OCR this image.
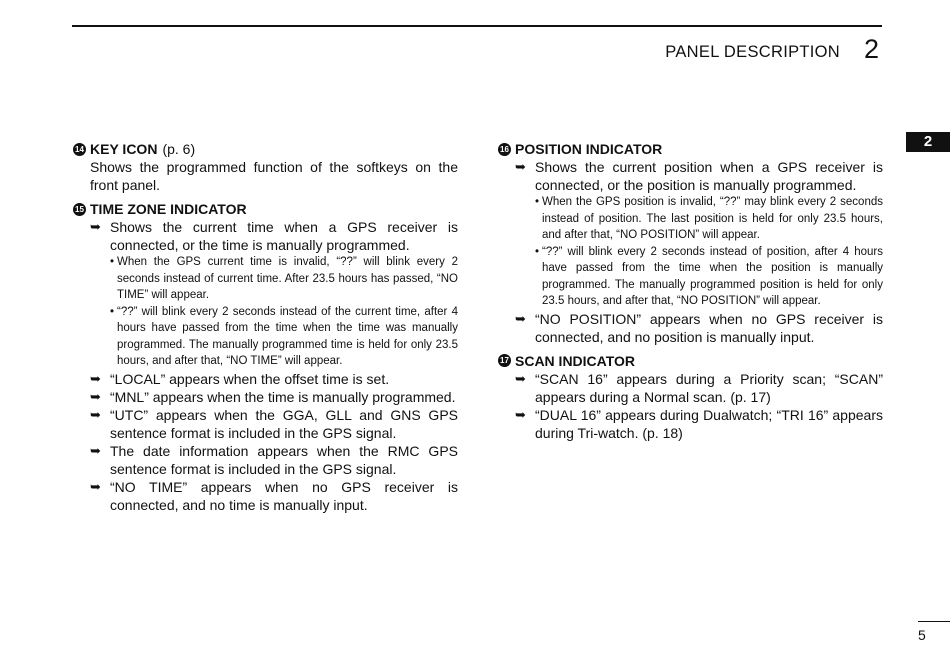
PANEL DESCRIPTION 2
2
14 KEY ICON (p. 6)
Shows the programmed function of the softkeys on the front panel.
15 TIME ZONE INDICATOR
➥ Shows the current time when a GPS receiver is connected, or the time is manually programmed.
• When the GPS current time is invalid, “??” will blink every 2 seconds instead of current time. After 23.5 hours has passed, “NO TIME” will appear.
• “??” will blink every 2 seconds instead of the current time, after 4 hours have passed from the time when the time was manually programmed. The manually programmed time is held for only 23.5 hours, and after that, “NO TIME” will appear.
➥ “LOCAL” appears when the offset time is set.
➥ “MNL” appears when the time is manually programmed.
➥ “UTC” appears when the GGA, GLL and GNS GPS sentence format is included in the GPS signal.
➥ The date information appears when the RMC GPS sentence format is included in the GPS signal.
➥ “NO TIME” appears when no GPS receiver is connected, and no time is manually input.
16 POSITION INDICATOR
➥ Shows the current position when a GPS receiver is connected, or the position is manually programmed.
• When the GPS position is invalid, “??” may blink every 2 seconds instead of position. The last position is held for only 23.5 hours, and after that, “NO POSITION” will appear.
• “??” will blink every 2 seconds instead of position, after 4 hours have passed from the time when the position is manually programmed. The manually programmed position is held for only 23.5 hours, and after that, “NO POSITION” will appear.
➥ “NO POSITION” appears when no GPS receiver is connected, and no position is manually input.
17 SCAN INDICATOR
➥ “SCAN 16” appears during a Priority scan; “SCAN” appears during a Normal scan. (p. 17)
➥ “DUAL 16” appears during Dualwatch; “TRI 16” appears during Tri-watch. (p. 18)
5
